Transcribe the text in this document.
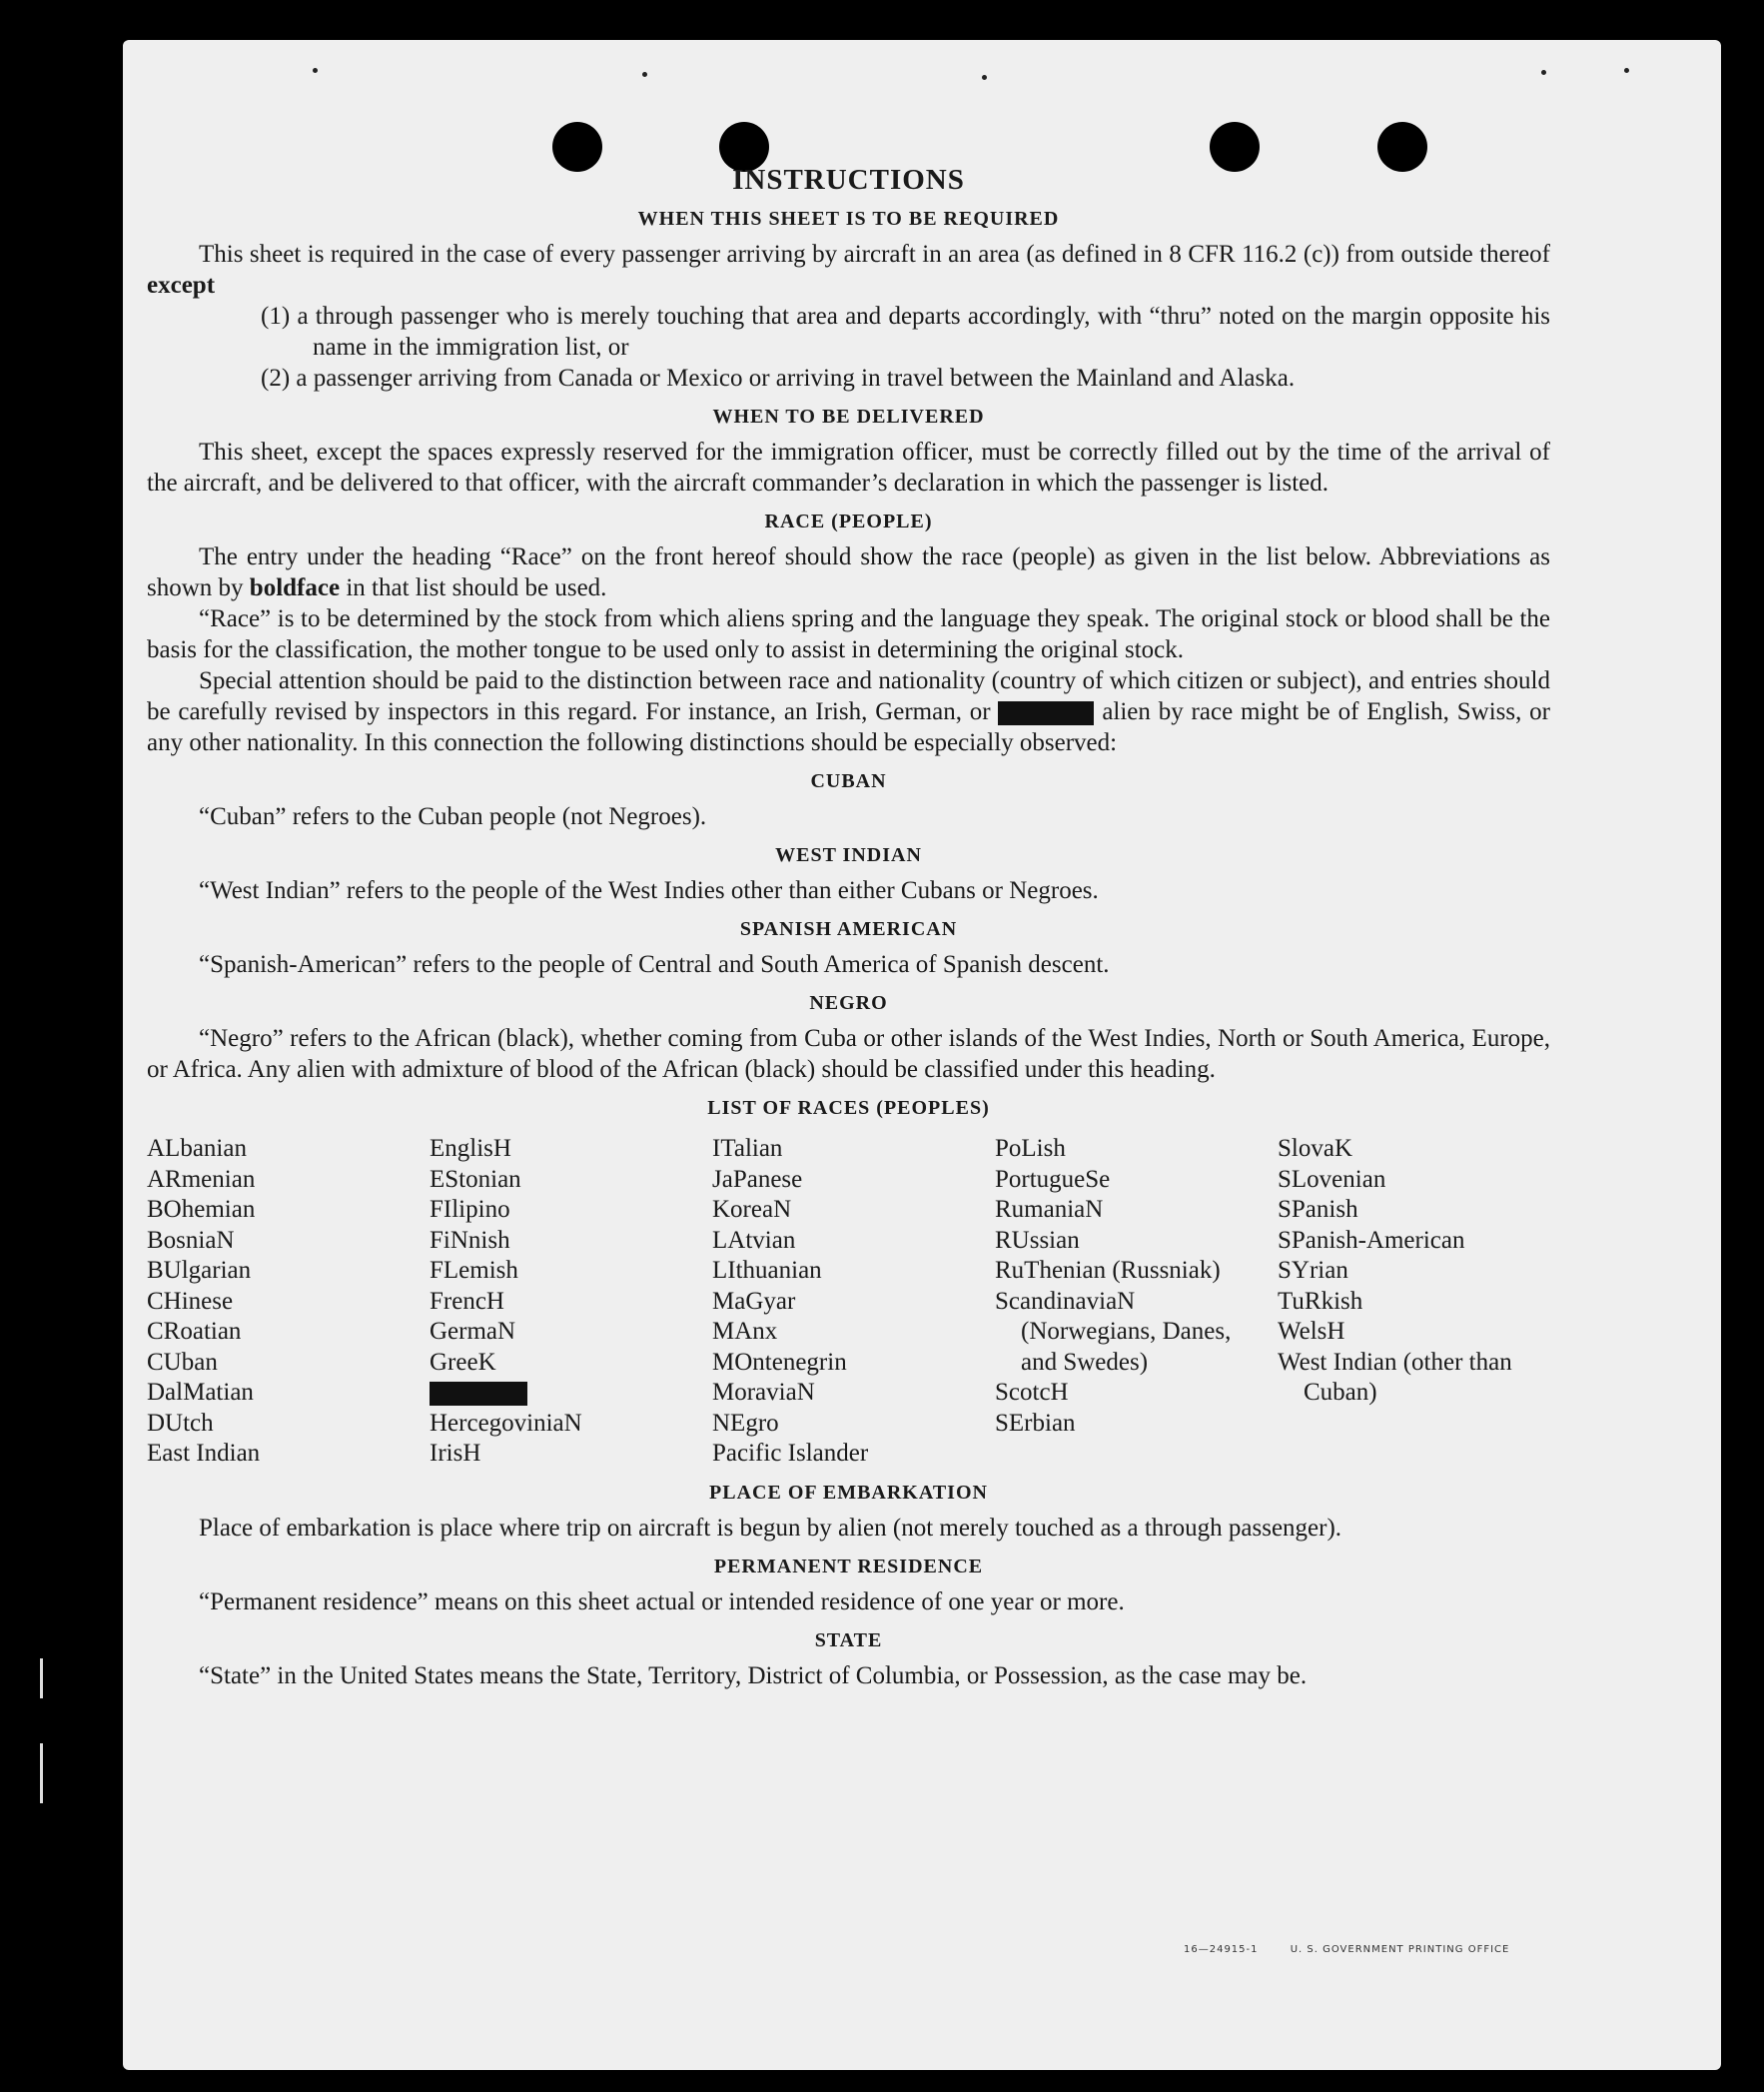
INSTRUCTIONS
WHEN THIS SHEET IS TO BE REQUIRED

This sheet is required in the case of every passenger arriving by aircraft in an area (as defined in 8 CFR 116.2 (c)) from outside thereof except

(1) a through passenger who is merely touching that area and departs accordingly, with “thru” noted on the margin opposite his name in the immigration list, or
(2) a passenger arriving from Canada or Mexico or arriving in travel between the Mainland and Alaska.
WHEN TO BE DELIVERED

This sheet, except the spaces expressly reserved for the immigration officer, must be correctly filled out by the time of the arrival of the aircraft, and be delivered to that officer, with the aircraft commander’s declaration in which the passenger is listed.

RACE (PEOPLE)

The entry under the heading “Race” on the front hereof should show the race (people) as given in the list below. Abbreviations as shown by boldface in that list should be used.

“Race” is to be determined by the stock from which aliens spring and the language they speak. The original stock or blood shall be the basis for the classification, the mother tongue to be used only to assist in determining the original stock.

Special attention should be paid to the distinction between race and nationality (country of which citizen or subject), and entries should be carefully revised by inspectors in this regard. For instance, an Irish, German, or	alien by race might be of English, Swiss, or any other nationality. In this connection the following distinctions should be especially observed:

CUBAN

“Cuban” refers to the Cuban people (not Negroes).

WEST INDIAN

“West Indian” refers to the people of the West Indies other than either Cubans or Negroes.

SPANISH AMERICAN

“Spanish-American” refers to the people of Central and South America of Spanish descent.

NEGRO

“Negro” refers to the African (black), whether coming from Cuba or other islands of the West Indies, North or South America, Europe, or Africa. Any alien with admixture of blood of the African (black) should be classified under this heading.

LIST OF RACES (PEOPLES)
ALbanian
ARmenian
BOhemian
BosniaN
BUlgarian
CHinese
CRoatian
CUban
DalMatian
DUtch
East Indian
EnglisH
EStonian
FIlipino
FiNnish
FLemish
FrencH
GermaN
GreeK
HercegoviniaN
IrisH
ITalian
JaPanese
KoreaN
LAtvian
LIthuanian
MaGyar
MAnx
MOntenegrin
MoraviaN
NEgro
Pacific Islander
PoLish
PortugueSe
RumaniaN
RUssian
RuThenian (Russniak)
ScandinaviaN (Norwegians, Danes, and Swedes)
ScotcH
SErbian
SlovaK
SLovenian
SPanish
SPanish-American
SYrian
TuRkish
WelsH
West Indian (other than Cuban)
PLACE OF EMBARKATION

Place of embarkation is place where trip on aircraft is begun by alien (not merely touched as a through passenger).

PERMANENT RESIDENCE

“Permanent residence” means on this sheet actual or intended residence of one year or more.

STATE

“State” in the United States means the State, Territory, District of Columbia, or Possession, as the case may be.

16—24915-1	U. S. GOVERNMENT PRINTING OFFICE
